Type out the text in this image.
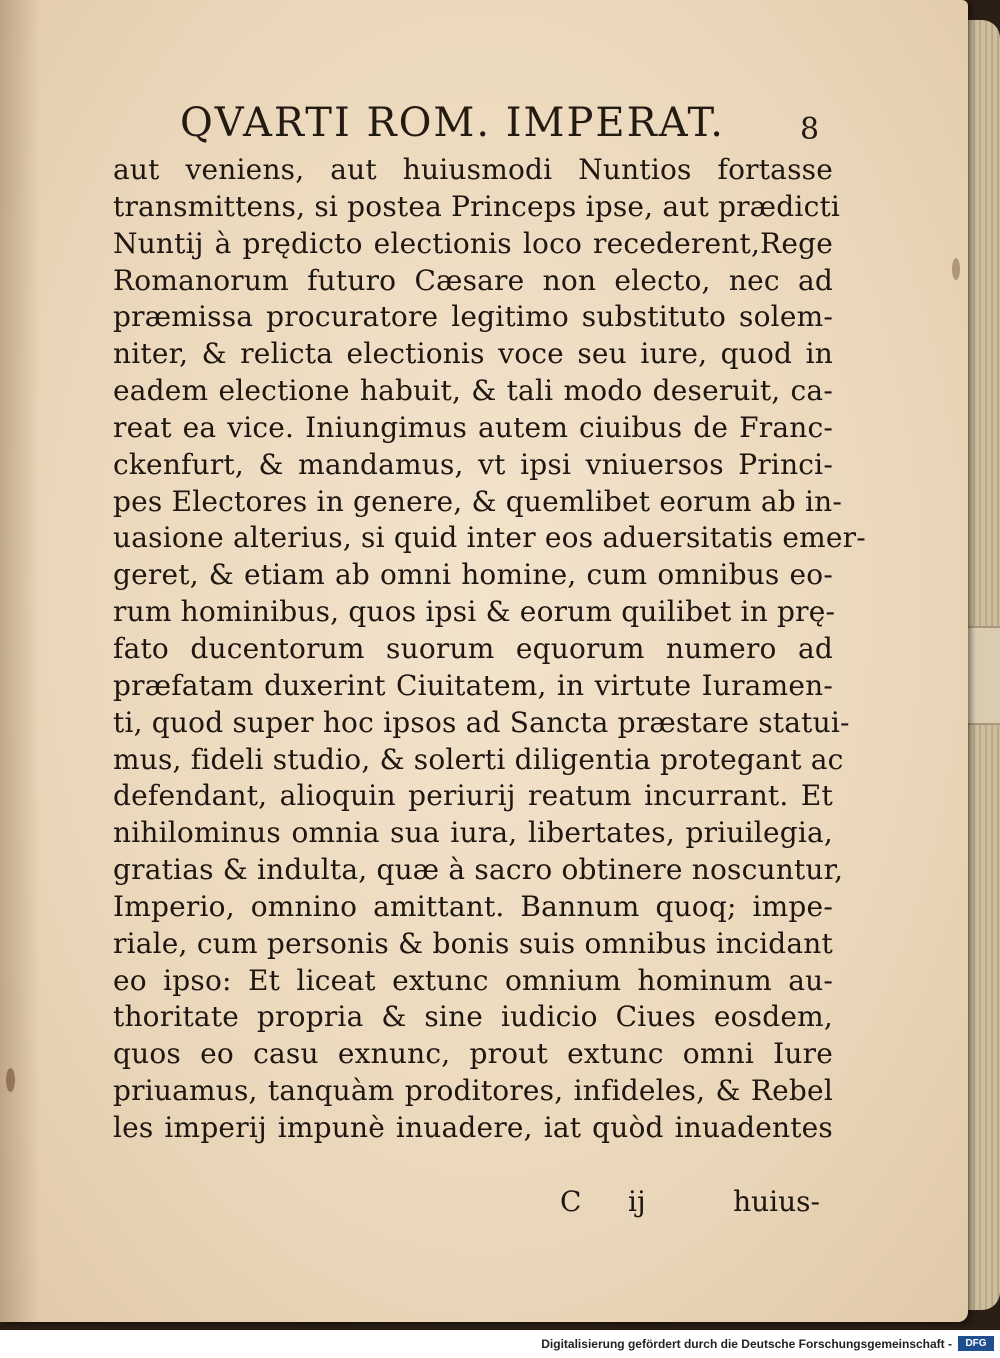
QVARTI ROM. IMPERAT.	8
aut veniens, aut huiusmodi Nuntios fortasse
transmittens, si postea Princeps ipse, aut prædicti
Nuntij à prędicto electionis loco recederent,Rege
Romanorum futuro Cæsare non electo, nec ad
præmissa procuratore legitimo substituto solem-
niter, & relicta electionis voce seu iure, quod in
eadem electione habuit, & tali modo deseruit, ca-
reat ea vice. Iniungimus autem ciuibus de Franc-
ckenfurt, & mandamus, vt ipsi vniuersos Princi-
pes Electores in genere, & quemlibet eorum ab in-
uasione alterius, si quid inter eos aduersitatis emer-
geret, & etiam ab omni homine, cum omnibus eo-
rum hominibus, quos ipsi & eorum quilibet in prę-
fato ducentorum suorum equorum numero ad
præfatam duxerint Ciuitatem, in virtute Iuramen-
ti, quod super hoc ipsos ad Sancta præstare statui-
mus, fideli studio, & solerti diligentia protegant ac
defendant, alioquin periurij reatum incurrant. Et
nihilominus omnia sua iura, libertates, priuilegia,
gratias & indulta, quæ à sacro obtinere noscuntur,
Imperio, omnino amittant. Bannum quoq; impe-
riale, cum personis & bonis suis omnibus incidant
eo ipso: Et liceat extunc omnium hominum au-
thoritate propria & sine iudicio Ciues eosdem,
quos eo casu exnunc, prout extunc omni Iure
priuamus, tanquàm proditores, infideles, & Rebel
les imperij impunè inuadere, iat quòd inuadentes
C ij	huius-
Digitalisierung gefördert durch die Deutsche Forschungsgemeinschaft -	DFG
